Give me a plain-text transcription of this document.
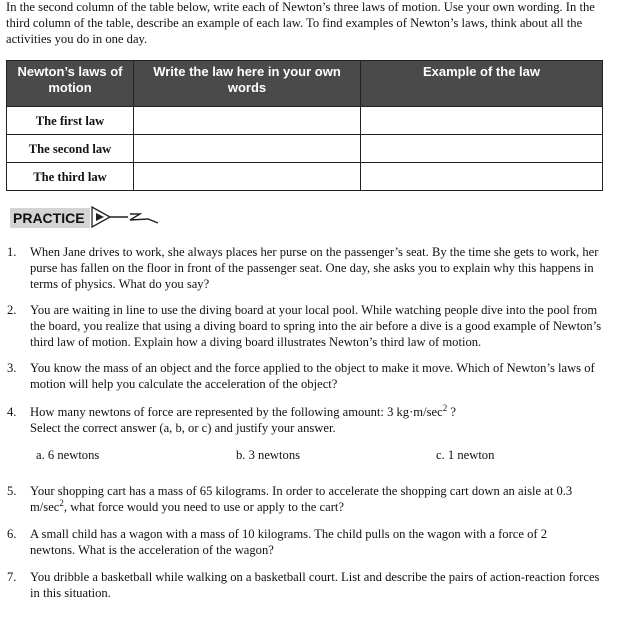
In the second column of the table below, write each of Newton’s three laws of motion. Use your own wording. In the third column of the table, describe an example of each law. To find examples of Newton’s laws, think about all the activities you do in one day.
Newton’s laws of motion	Write the law here in your own words	Example of the law
The first law		
The second law		
The third law		
PRACTICE
1. When Jane drives to work, she always places her purse on the passenger’s seat. By the time she gets to work, her purse has fallen on the floor in front of the passenger seat. One day, she asks you to explain why this happens in terms of physics. What do you say?
2. You are waiting in line to use the diving board at your local pool. While watching people dive into the pool from the board, you realize that using a diving board to spring into the air before a dive is a good example of Newton’s third law of motion. Explain how a diving board illustrates Newton’s third law of motion.
3. You know the mass of an object and the force applied to the object to make it move. Which of Newton’s laws of motion will help you calculate the acceleration of the object?
4. How many newtons of force are represented by the following amount: 3 $kg\cdot m/\sec^2$ ?
Select the correct answer (a, b, or c) and justify your answer.
a. 6 newtons	b. 3 newtons	c. 1 newton
5. Your shopping cart has a mass of 65 kilograms. In order to accelerate the shopping cart down an aisle at 0.3 $m/\sec^2$, what force would you need to use or apply to the cart?
6. A small child has a wagon with a mass of 10 kilograms. The child pulls on the wagon with a force of 2 newtons. What is the acceleration of the wagon?
7. You dribble a basketball while walking on a basketball court. List and describe the pairs of action-reaction forces in this situation.
